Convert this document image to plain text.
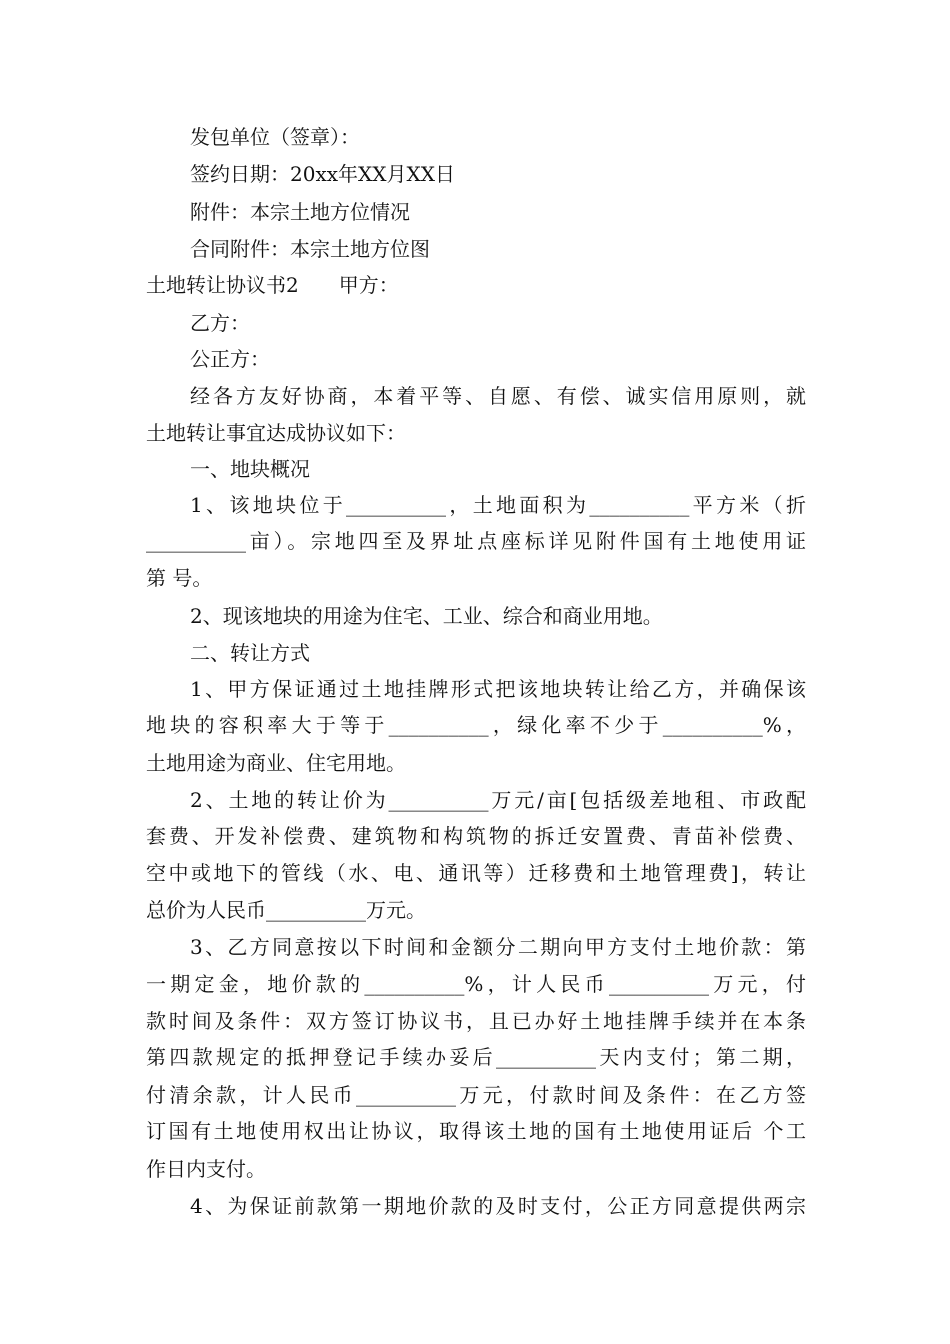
发包单位（签章）：
签约日期：20xx年XX月XX日
附件：本宗土地方位情况
合同附件：本宗土地方位图
土地转让协议书2　　甲方：
乙方：
公正方：
经各方友好协商，本着平等、自愿、有偿、诚实信用原则，就
土地转让事宜达成协议如下：
一、地块概况
1、该地块位于__________，土地面积为__________平方米（折
__________亩）。宗地四至及界址点座标详见附件国有土地使用证
第 号。
2、现该地块的用途为住宅、工业、综合和商业用地。
二、转让方式
1、甲方保证通过土地挂牌形式把该地块转让给乙方，并确保该
地块的容积率大于等于__________，绿化率不少于__________%，
土地用途为商业、住宅用地。
2、土地的转让价为__________万元/亩[包括级差地租、市政配
套费、开发补偿费、建筑物和构筑物的拆迁安置费、青苗补偿费、
空中或地下的管线（水、电、通讯等）迁移费和土地管理费]，转让
总价为人民币__________万元。
3、乙方同意按以下时间和金额分二期向甲方支付土地价款：第
一期定金，地价款的__________%，计人民币__________万元，付
款时间及条件：双方签订协议书，且已办好土地挂牌手续并在本条
第四款规定的抵押登记手续办妥后__________天内支付；第二期，
付清余款，计人民币__________万元，付款时间及条件：在乙方签
订国有土地使用权出让协议，取得该土地的国有土地使用证后 个工
作日内支付。
4、为保证前款第一期地价款的及时支付，公正方同意提供两宗
